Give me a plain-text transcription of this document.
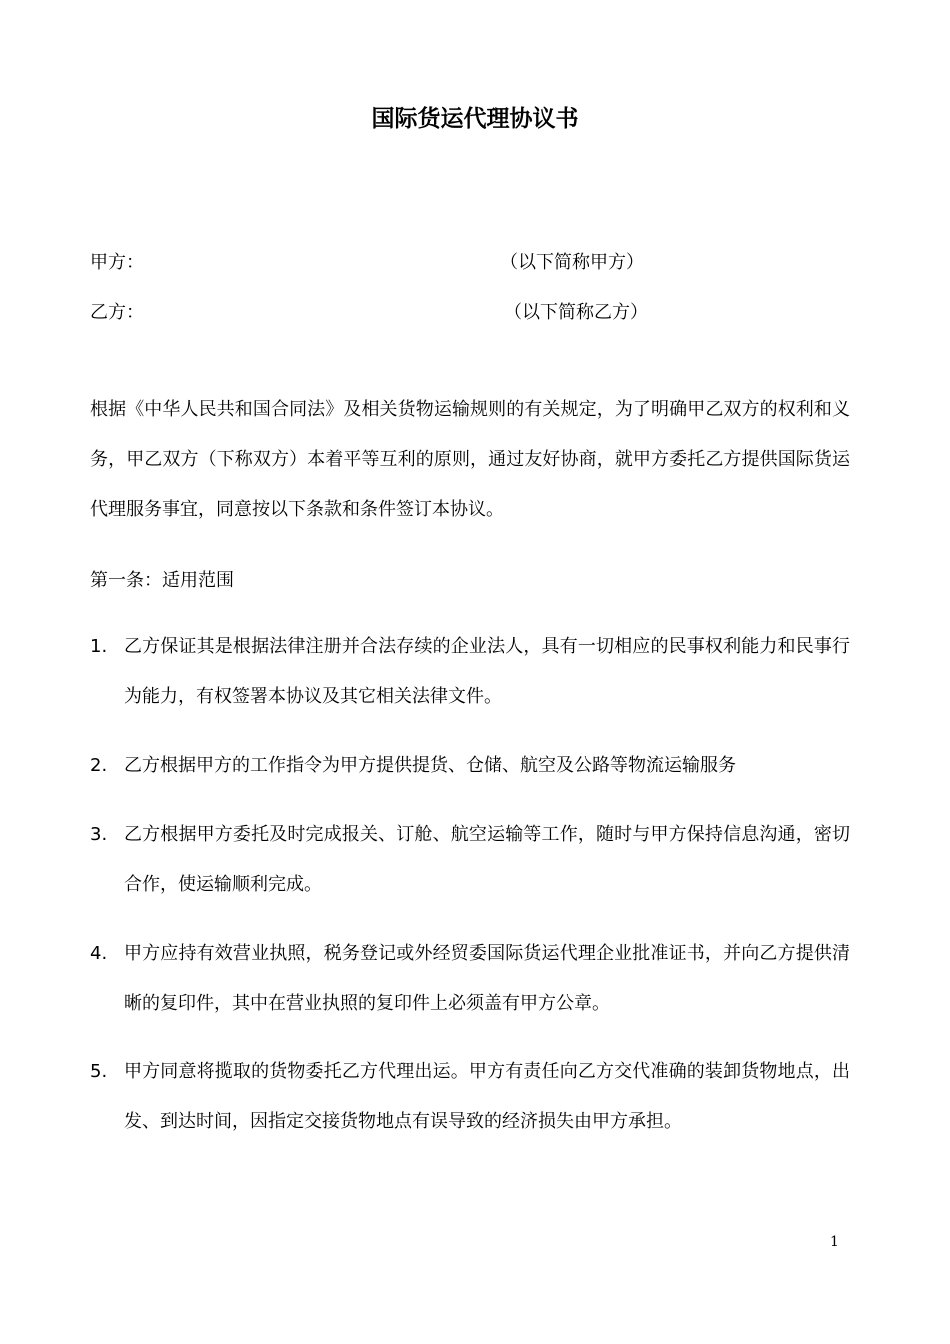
国际货运代理协议书
甲方：	（以下简称甲方）
乙方：	（以下简称乙方）
根据《中华人民共和国合同法》及相关货物运输规则的有关规定，为了明确甲乙双方的权利和义务，甲乙双方（下称双方）本着平等互利的原则，通过友好协商，就甲方委托乙方提供国际货运代理服务事宜，同意按以下条款和条件签订本协议。
第一条：适用范围
1. 乙方保证其是根据法律注册并合法存续的企业法人，具有一切相应的民事权利能力和民事行为能力，有权签署本协议及其它相关法律文件。
2. 乙方根据甲方的工作指令为甲方提供提货、仓储、航空及公路等物流运输服务
3. 乙方根据甲方委托及时完成报关、订舱、航空运输等工作，随时与甲方保持信息沟通，密切合作，使运输顺利完成。
4. 甲方应持有效营业执照，税务登记或外经贸委国际货运代理企业批准证书，并向乙方提供清晰的复印件，其中在营业执照的复印件上必须盖有甲方公章。
5. 甲方同意将揽取的货物委托乙方代理出运。甲方有责任向乙方交代准确的装卸货物地点，出发、到达时间，因指定交接货物地点有误导致的经济损失由甲方承担。
1
